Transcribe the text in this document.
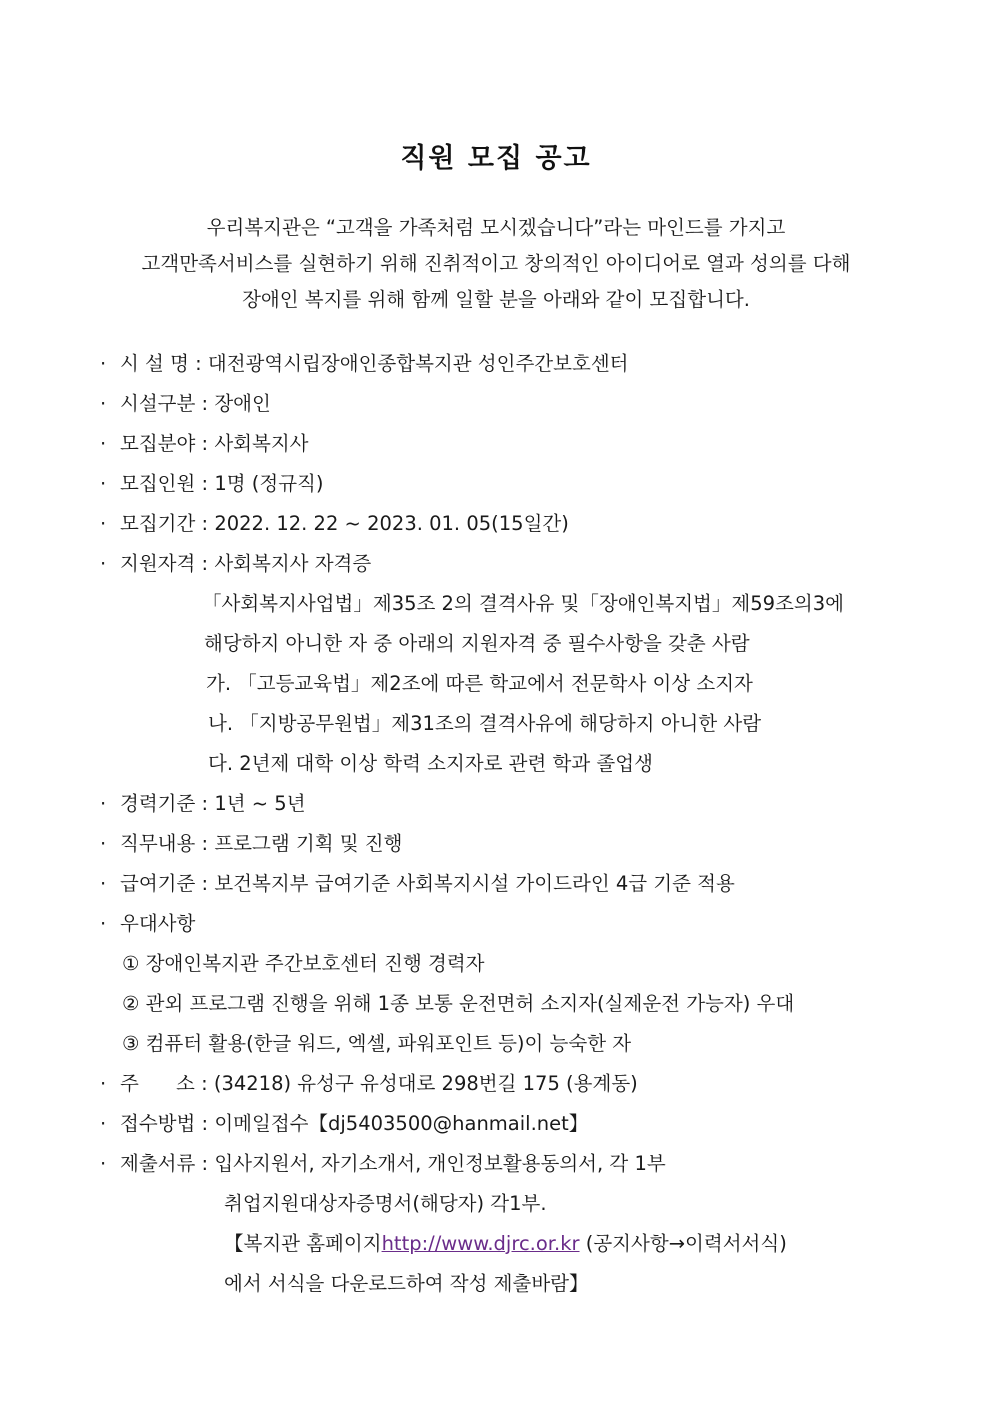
직원 모집 공고
우리복지관은 “고객을 가족처럼 모시겠습니다”라는 마인드를 가지고
고객만족서비스를 실현하기 위해 진취적이고 창의적인 아이디어로 열과 성의를 다해
장애인 복지를 위해 함께 일할 분을 아래와 같이 모집합니다.
· 시 설 명 : 대전광역시립장애인종합복지관 성인주간보호센터
· 시설구분 : 장애인
· 모집분야 : 사회복지사
· 모집인원 : 1명 (정규직)
· 모집기간 : 2022. 12. 22 ~ 2023. 01. 05(15일간)
· 지원자격 : 사회복지사 자격증
「사회복지사업법」제35조 2의 결격사유 및「장애인복지법」제59조의3에
해당하지 아니한 자 중 아래의 지원자격 중 필수사항을 갖춘 사람
가. 「고등교육법」제2조에 따른 학교에서 전문학사 이상 소지자
나. 「지방공무원법」제31조의 결격사유에 해당하지 아니한 사람
다. 2년제 대학 이상 학력 소지자로 관련 학과 졸업생
· 경력기준 : 1년 ~ 5년
· 직무내용 : 프로그램 기획 및 진행
· 급여기준 : 보건복지부 급여기준 사회복지시설 가이드라인 4급 기준 적용
· 우대사항
① 장애인복지관 주간보호센터 진행 경력자
② 관외 프로그램 진행을 위해 1종 보통 운전면허 소지자(실제운전 가능자) 우대
③ 컴퓨터 활용(한글 워드, 엑셀, 파워포인트 등)이 능숙한 자
· 주      소 : (34218) 유성구 유성대로 298번길 175 (용계동)
· 접수방법 : 이메일접수【dj5403500@hanmail.net】
· 제출서류 : 입사지원서, 자기소개서, 개인정보활용동의서, 각 1부
취업지원대상자증명서(해당자) 각1부.
【복지관 홈페이지http://www.djrc.or.kr (공지사항→이력서서식)
에서 서식을 다운로드하여 작성 제출바람】
